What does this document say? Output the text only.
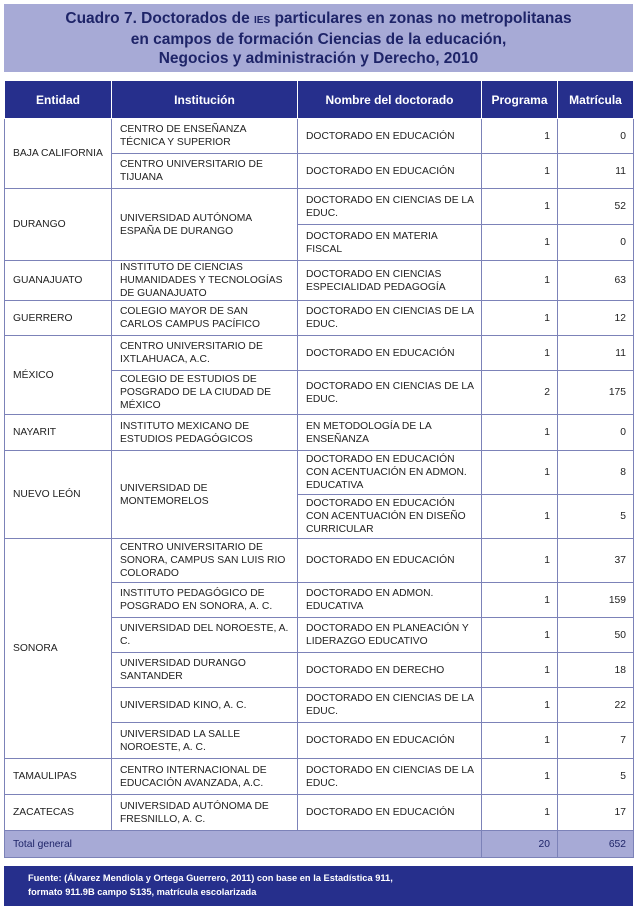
Cuadro 7. Doctorados de IES particulares en zonas no metropolitanas
en campos de formación Ciencias de la educación,
Negocios y administración y Derecho, 2010
Entidad	Institución	Nombre del doctorado	Programa	Matrícula
BAJA CALIFORNIA	CENTRO DE ENSEÑANZA TÉCNICA Y SUPERIOR	DOCTORADO EN EDUCACIÓN	1	0
	CENTRO UNIVERSITARIO DE TIJUANA	DOCTORADO EN EDUCACIÓN	1	11
DURANGO	UNIVERSIDAD AUTÓNOMA ESPAÑA DE DURANGO	DOCTORADO EN CIENCIAS DE LA EDUC.	1	52
		DOCTORADO EN MATERIA FISCAL	1	0
GUANAJUATO	INSTITUTO DE CIENCIAS HUMANIDADES Y TECNOLOGÍAS DE GUANAJUATO	DOCTORADO EN CIENCIAS ESPECIALIDAD PEDAGOGÍA	1	63
GUERRERO	COLEGIO MAYOR DE SAN CARLOS CAMPUS PACÍFICO	DOCTORADO EN CIENCIAS DE LA EDUC.	1	12
MÉXICO	CENTRO UNIVERSITARIO DE IXTLAHUACA, A.C.	DOCTORADO EN EDUCACIÓN	1	11
	COLEGIO DE ESTUDIOS DE POSGRADO DE LA CIUDAD DE MÉXICO	DOCTORADO EN CIENCIAS DE LA EDUC.	2	175
NAYARIT	INSTITUTO MEXICANO DE ESTUDIOS PEDAGÓGICOS	EN METODOLOGÍA DE LA ENSEÑANZA	1	0
NUEVO LEÓN	UNIVERSIDAD DE MONTEMORELOS	DOCTORADO EN EDUCACIÓN CON ACENTUACIÓN EN ADMON. EDUCATIVA	1	8
		DOCTORADO EN EDUCACIÓN CON ACENTUACIÓN EN DISEÑO CURRICULAR	1	5
SONORA	CENTRO UNIVERSITARIO DE SONORA, CAMPUS SAN LUIS RIO COLORADO	DOCTORADO EN EDUCACIÓN	1	37
	INSTITUTO PEDAGÓGICO DE POSGRADO EN SONORA, A. C.	DOCTORADO EN ADMON. EDUCATIVA	1	159
	UNIVERSIDAD DEL NOROESTE, A. C.	DOCTORADO EN PLANEACIÓN Y LIDERAZGO EDUCATIVO	1	50
	UNIVERSIDAD DURANGO SANTANDER	DOCTORADO EN DERECHO	1	18
	UNIVERSIDAD KINO, A. C.	DOCTORADO EN CIENCIAS DE LA EDUC.	1	22
	UNIVERSIDAD LA SALLE NOROESTE, A. C.	DOCTORADO EN EDUCACIÓN	1	7
TAMAULIPAS	CENTRO INTERNACIONAL DE EDUCACIÓN AVANZADA, A.C.	DOCTORADO EN CIENCIAS DE LA EDUC.	1	5
ZACATECAS	UNIVERSIDAD AUTÓNOMA DE FRESNILLO, A. C.	DOCTORADO EN EDUCACIÓN	1	17
Total general			20	652
Fuente: (Álvarez Mendiola y Ortega Guerrero, 2011) con base en la Estadística 911,
formato 911.9B campo S135, matrícula escolarizada
